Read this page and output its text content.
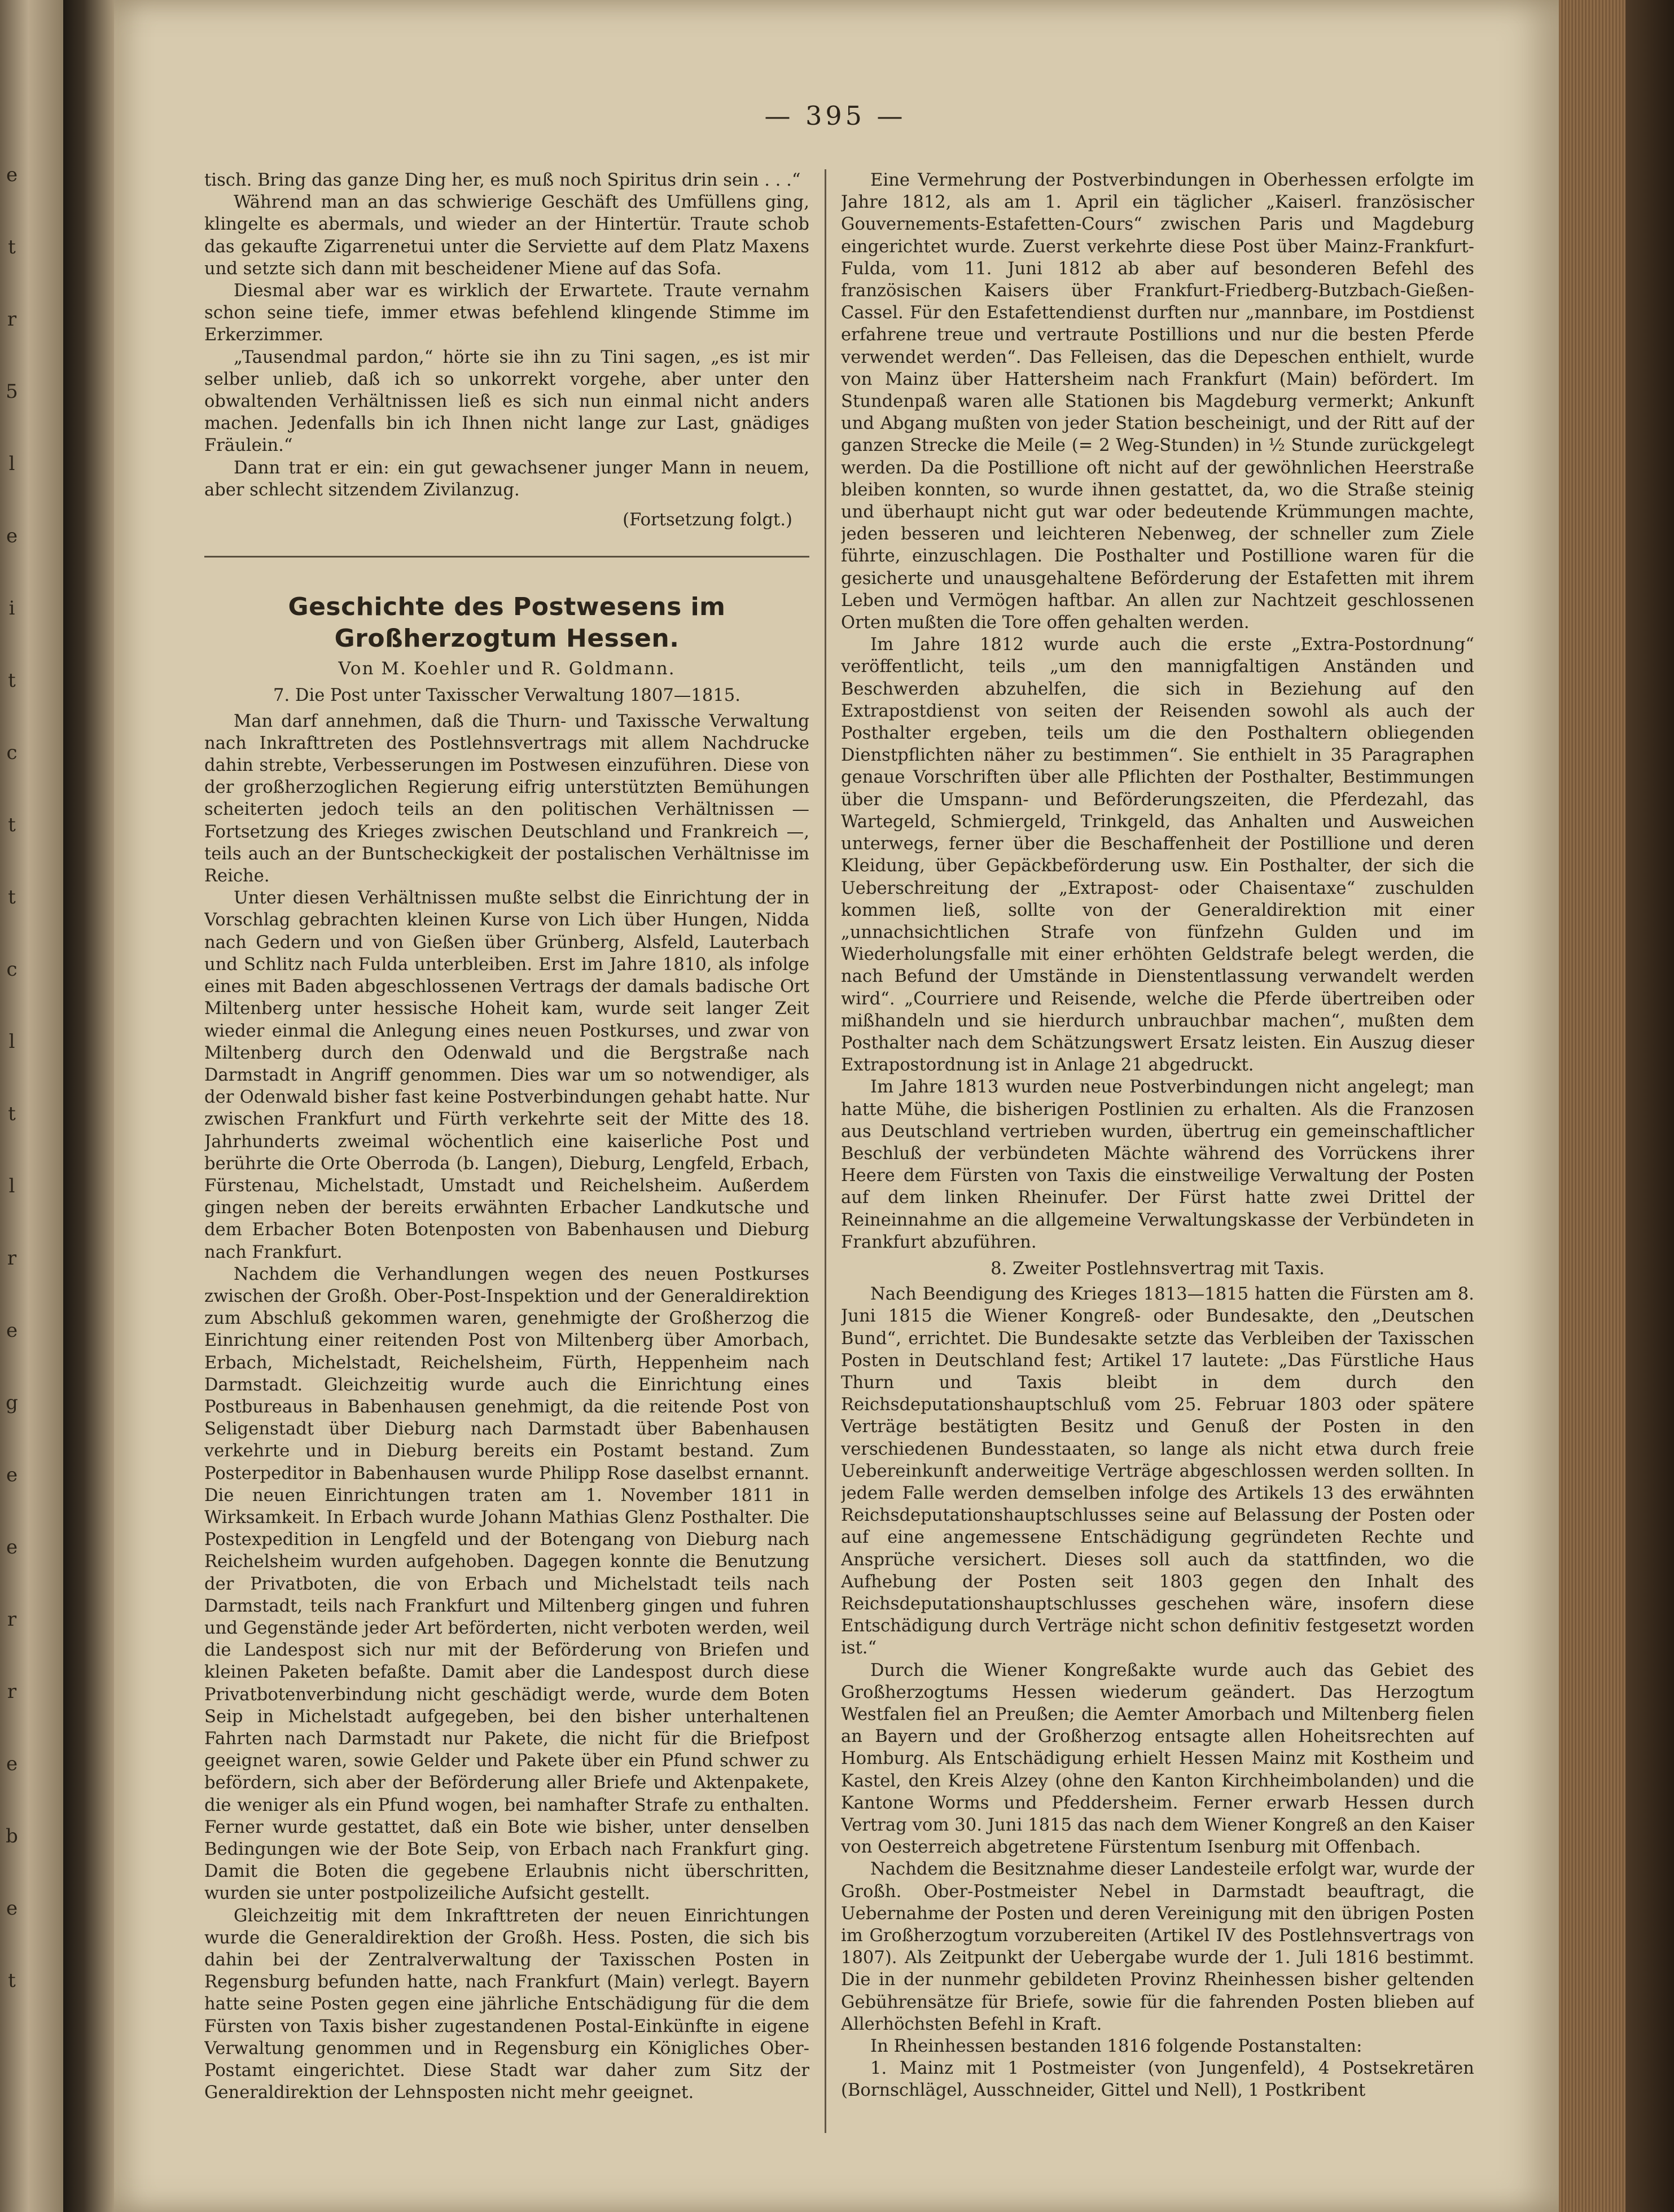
e
t
r
5
l
e
i
t
c
t
t
c
l
t
l
r
e
g
e
e
r
r
e
b
e
t
— 395 —

tisch. Bring das ganze Ding her, es muß noch Spiritus drin sein . . .“

Während man an das schwierige Geschäft des Umfüllens ging, klingelte es abermals, und wieder an der Hintertür. Traute schob das gekaufte Zigarrenetui unter die Serviette auf dem Platz Maxens und setzte sich dann mit bescheidener Miene auf das Sofa.

Diesmal aber war es wirklich der Erwartete. Traute vernahm schon seine tiefe, immer etwas befehlend klingende Stimme im Erkerzimmer.

„Tausendmal pardon,“ hörte sie ihn zu Tini sagen, „es ist mir selber unlieb, daß ich so unkorrekt vorgehe, aber unter den obwaltenden Verhältnissen ließ es sich nun einmal nicht anders machen. Jedenfalls bin ich Ihnen nicht lange zur Last, gnädiges Fräulein.“

Dann trat er ein: ein gut gewachsener junger Mann in neuem, aber schlecht sitzendem Zivilanzug.

(Fortsetzung folgt.)
Geschichte des Postwesens im Großherzogtum Hessen.
Von M. Koehler und R. Goldmann.
7. Die Post unter Taxisscher Verwaltung 1807—1815.

Man darf annehmen, daß die Thurn- und Taxissche Verwaltung nach Inkrafttreten des Postlehnsvertrags mit allem Nachdrucke dahin strebte, Verbesserungen im Postwesen einzuführen. Diese von der großherzoglichen Regierung eifrig unterstützten Bemühungen scheiterten jedoch teils an den politischen Verhältnissen — Fortsetzung des Krieges zwischen Deutschland und Frankreich —, teils auch an der Buntscheckigkeit der postalischen Verhältnisse im Reiche.

Unter diesen Verhältnissen mußte selbst die Einrichtung der in Vorschlag gebrachten kleinen Kurse von Lich über Hungen, Nidda nach Gedern und von Gießen über Grünberg, Alsfeld, Lauterbach und Schlitz nach Fulda unterbleiben. Erst im Jahre 1810, als infolge eines mit Baden abgeschlossenen Vertrags der damals badische Ort Miltenberg unter hessische Hoheit kam, wurde seit langer Zeit wieder einmal die Anlegung eines neuen Postkurses, und zwar von Miltenberg durch den Odenwald und die Bergstraße nach Darmstadt in Angriff genommen. Dies war um so notwendiger, als der Odenwald bisher fast keine Postverbindungen gehabt hatte. Nur zwischen Frankfurt und Fürth verkehrte seit der Mitte des 18. Jahrhunderts zweimal wöchentlich eine kaiserliche Post und berührte die Orte Oberroda (b. Langen), Dieburg, Lengfeld, Erbach, Fürstenau, Michelstadt, Umstadt und Reichelsheim. Außerdem gingen neben der bereits erwähnten Erbacher Landkutsche und dem Erbacher Boten Botenposten von Babenhausen und Dieburg nach Frankfurt.

Nachdem die Verhandlungen wegen des neuen Postkurses zwischen der Großh. Ober-Post-Inspektion und der Generaldirektion zum Abschluß gekommen waren, genehmigte der Großherzog die Einrichtung einer reitenden Post von Miltenberg über Amorbach, Erbach, Michelstadt, Reichelsheim, Fürth, Heppenheim nach Darmstadt. Gleichzeitig wurde auch die Einrichtung eines Postbureaus in Babenhausen genehmigt, da die reitende Post von Seligenstadt über Dieburg nach Darmstadt über Babenhausen verkehrte und in Dieburg bereits ein Postamt bestand. Zum Posterpeditor in Babenhausen wurde Philipp Rose daselbst ernannt. Die neuen Einrichtungen traten am 1. November 1811 in Wirksamkeit. In Erbach wurde Johann Mathias Glenz Posthalter. Die Postexpedition in Lengfeld und der Botengang von Dieburg nach Reichelsheim wurden aufgehoben. Dagegen konnte die Benutzung der Privatboten, die von Erbach und Michelstadt teils nach Darmstadt, teils nach Frankfurt und Miltenberg gingen und fuhren und Gegenstände jeder Art beförderten, nicht verboten werden, weil die Landespost sich nur mit der Beförderung von Briefen und kleinen Paketen befaßte. Damit aber die Landespost durch diese Privatbotenverbindung nicht geschädigt werde, wurde dem Boten Seip in Michelstadt aufgegeben, bei den bisher unterhaltenen Fahrten nach Darmstadt nur Pakete, die nicht für die Briefpost geeignet waren, sowie Gelder und Pakete über ein Pfund schwer zu befördern, sich aber der Beförderung aller Briefe und Aktenpakete, die weniger als ein Pfund wogen, bei namhafter Strafe zu enthalten. Ferner wurde gestattet, daß ein Bote wie bisher, unter denselben Bedingungen wie der Bote Seip, von Erbach nach Frankfurt ging. Damit die Boten die gegebene Erlaubnis nicht überschritten, wurden sie unter postpolizeiliche Aufsicht gestellt.

Gleichzeitig mit dem Inkrafttreten der neuen Einrichtungen wurde die Generaldirektion der Großh. Hess. Posten, die sich bis dahin bei der Zentralverwaltung der Taxisschen Posten in Regensburg befunden hatte, nach Frankfurt (Main) verlegt. Bayern hatte seine Posten gegen eine jährliche Entschädigung für die dem Fürsten von Taxis bisher zugestandenen Postal-Einkünfte in eigene Verwaltung genommen und in Regensburg ein Königliches Ober-Postamt eingerichtet. Diese Stadt war daher zum Sitz der Generaldirektion der Lehnsposten nicht mehr geeignet.

Eine Vermehrung der Postverbindungen in Oberhessen erfolgte im Jahre 1812, als am 1. April ein täglicher „Kaiserl. französischer Gouvernements-Estafetten-Cours“ zwischen Paris und Magdeburg eingerichtet wurde. Zuerst verkehrte diese Post über Mainz-Frankfurt-Fulda, vom 11. Juni 1812 ab aber auf besonderen Befehl des französischen Kaisers über Frankfurt-Friedberg-Butzbach-Gießen-Cassel. Für den Estafettendienst durften nur „mannbare, im Postdienst erfahrene treue und vertraute Postillions und nur die besten Pferde verwendet werden“. Das Felleisen, das die Depeschen enthielt, wurde von Mainz über Hattersheim nach Frankfurt (Main) befördert. Im Stundenpaß waren alle Stationen bis Magdeburg vermerkt; Ankunft und Abgang mußten von jeder Station bescheinigt, und der Ritt auf der ganzen Strecke die Meile (= 2 Weg-Stunden) in ½ Stunde zurückgelegt werden. Da die Postillione oft nicht auf der gewöhnlichen Heerstraße bleiben konnten, so wurde ihnen gestattet, da, wo die Straße steinig und überhaupt nicht gut war oder bedeutende Krümmungen machte, jeden besseren und leichteren Nebenweg, der schneller zum Ziele führte, einzuschlagen. Die Posthalter und Postillione waren für die gesicherte und unausgehaltene Beförderung der Estafetten mit ihrem Leben und Vermögen haftbar. An allen zur Nachtzeit geschlossenen Orten mußten die Tore offen gehalten werden.

Im Jahre 1812 wurde auch die erste „Extra-Postordnung“ veröffentlicht, teils „um den mannigfaltigen Anständen und Beschwerden abzuhelfen, die sich in Beziehung auf den Extrapostdienst von seiten der Reisenden sowohl als auch der Posthalter ergeben, teils um die den Posthaltern obliegenden Dienstpflichten näher zu bestimmen“. Sie enthielt in 35 Paragraphen genaue Vorschriften über alle Pflichten der Posthalter, Bestimmungen über die Umspann- und Beförderungszeiten, die Pferdezahl, das Wartegeld, Schmiergeld, Trinkgeld, das Anhalten und Ausweichen unterwegs, ferner über die Beschaffenheit der Postillione und deren Kleidung, über Gepäckbeförderung usw. Ein Posthalter, der sich die Ueberschreitung der „Extrapost- oder Chaisentaxe“ zuschulden kommen ließ, sollte von der Generaldirektion mit einer „unnachsichtlichen Strafe von fünfzehn Gulden und im Wiederholungsfalle mit einer erhöhten Geldstrafe belegt werden, die nach Befund der Umstände in Dienstentlassung verwandelt werden wird“. „Courriere und Reisende, welche die Pferde übertreiben oder mißhandeln und sie hierdurch unbrauchbar machen“, mußten dem Posthalter nach dem Schätzungswert Ersatz leisten. Ein Auszug dieser Extrapostordnung ist in Anlage 21 abgedruckt.

Im Jahre 1813 wurden neue Postverbindungen nicht angelegt; man hatte Mühe, die bisherigen Postlinien zu erhalten. Als die Franzosen aus Deutschland vertrieben wurden, übertrug ein gemeinschaftlicher Beschluß der verbündeten Mächte während des Vorrückens ihrer Heere dem Fürsten von Taxis die einstweilige Verwaltung der Posten auf dem linken Rheinufer. Der Fürst hatte zwei Drittel der Reineinnahme an die allgemeine Verwaltungskasse der Verbündeten in Frankfurt abzuführen.

8. Zweiter Postlehnsvertrag mit Taxis.

Nach Beendigung des Krieges 1813—1815 hatten die Fürsten am 8. Juni 1815 die Wiener Kongreß- oder Bundesakte, den „Deutschen Bund“, errichtet. Die Bundesakte setzte das Verbleiben der Taxisschen Posten in Deutschland fest; Artikel 17 lautete: „Das Fürstliche Haus Thurn und Taxis bleibt in dem durch den Reichsdeputationshauptschluß vom 25. Februar 1803 oder spätere Verträge bestätigten Besitz und Genuß der Posten in den verschiedenen Bundesstaaten, so lange als nicht etwa durch freie Uebereinkunft anderweitige Verträge abgeschlossen werden sollten. In jedem Falle werden demselben infolge des Artikels 13 des erwähnten Reichsdeputationshauptschlusses seine auf Belassung der Posten oder auf eine angemessene Entschädigung gegründeten Rechte und Ansprüche versichert. Dieses soll auch da stattfinden, wo die Aufhebung der Posten seit 1803 gegen den Inhalt des Reichsdeputationshauptschlusses geschehen wäre, insofern diese Entschädigung durch Verträge nicht schon definitiv festgesetzt worden ist.“

Durch die Wiener Kongreßakte wurde auch das Gebiet des Großherzogtums Hessen wiederum geändert. Das Herzogtum Westfalen fiel an Preußen; die Aemter Amorbach und Miltenberg fielen an Bayern und der Großherzog entsagte allen Hoheitsrechten auf Homburg. Als Entschädigung erhielt Hessen Mainz mit Kostheim und Kastel, den Kreis Alzey (ohne den Kanton Kirchheimbolanden) und die Kantone Worms und Pfeddersheim. Ferner erwarb Hessen durch Vertrag vom 30. Juni 1815 das nach dem Wiener Kongreß an den Kaiser von Oesterreich abgetretene Fürstentum Isenburg mit Offenbach.

Nachdem die Besitznahme dieser Landesteile erfolgt war, wurde der Großh. Ober-Postmeister Nebel in Darmstadt beauftragt, die Uebernahme der Posten und deren Vereinigung mit den übrigen Posten im Großherzogtum vorzubereiten (Artikel IV des Postlehnsvertrags von 1807). Als Zeitpunkt der Uebergabe wurde der 1. Juli 1816 bestimmt. Die in der nunmehr gebildeten Provinz Rheinhessen bisher geltenden Gebührensätze für Briefe, sowie für die fahrenden Posten blieben auf Allerhöchsten Befehl in Kraft.

In Rheinhessen bestanden 1816 folgende Postanstalten:

1. Mainz mit 1 Postmeister (von Jungenfeld), 4 Postsekretären (Bornschlägel, Ausschneider, Gittel und Nell), 1 Postkribent
